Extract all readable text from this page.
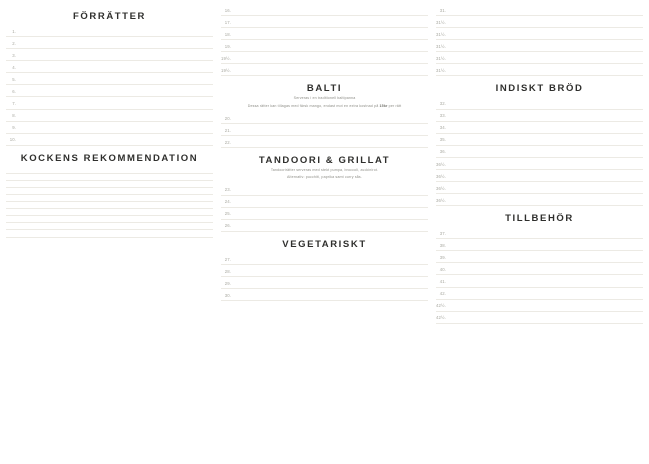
FÖRRÄTTER
1.
2.
3.
4.
5.
6.
7.
8.
9.
10.
KOCKENS REKOMMENDATION
16.
17.
18.
19.
19½.
19½.
BALTI
Serveras i en traditionell baltipanna
Dessa rätter kan tillagas med färsk mango, endast mot en extra kostnad på 15kr per rätt
20.
21.
22.
TANDOORI & GRILLAT
Tandoorirätter serveras med stekt pumpa, broccoli, zuckinirot.
Alternativ: pucchiti, paprika samt curry sås.
23.
24.
25.
26.
VEGETARISKT
27.
28.
29.
30.
31.
31½.
31½.
31½.
31½.
31½.
INDISKT BRÖD
32.
33.
34.
35.
36.
36½.
36½.
36½.
36½.
TILLBEHÖR
37.
38.
39.
40.
41.
42.
42½.
42½.
